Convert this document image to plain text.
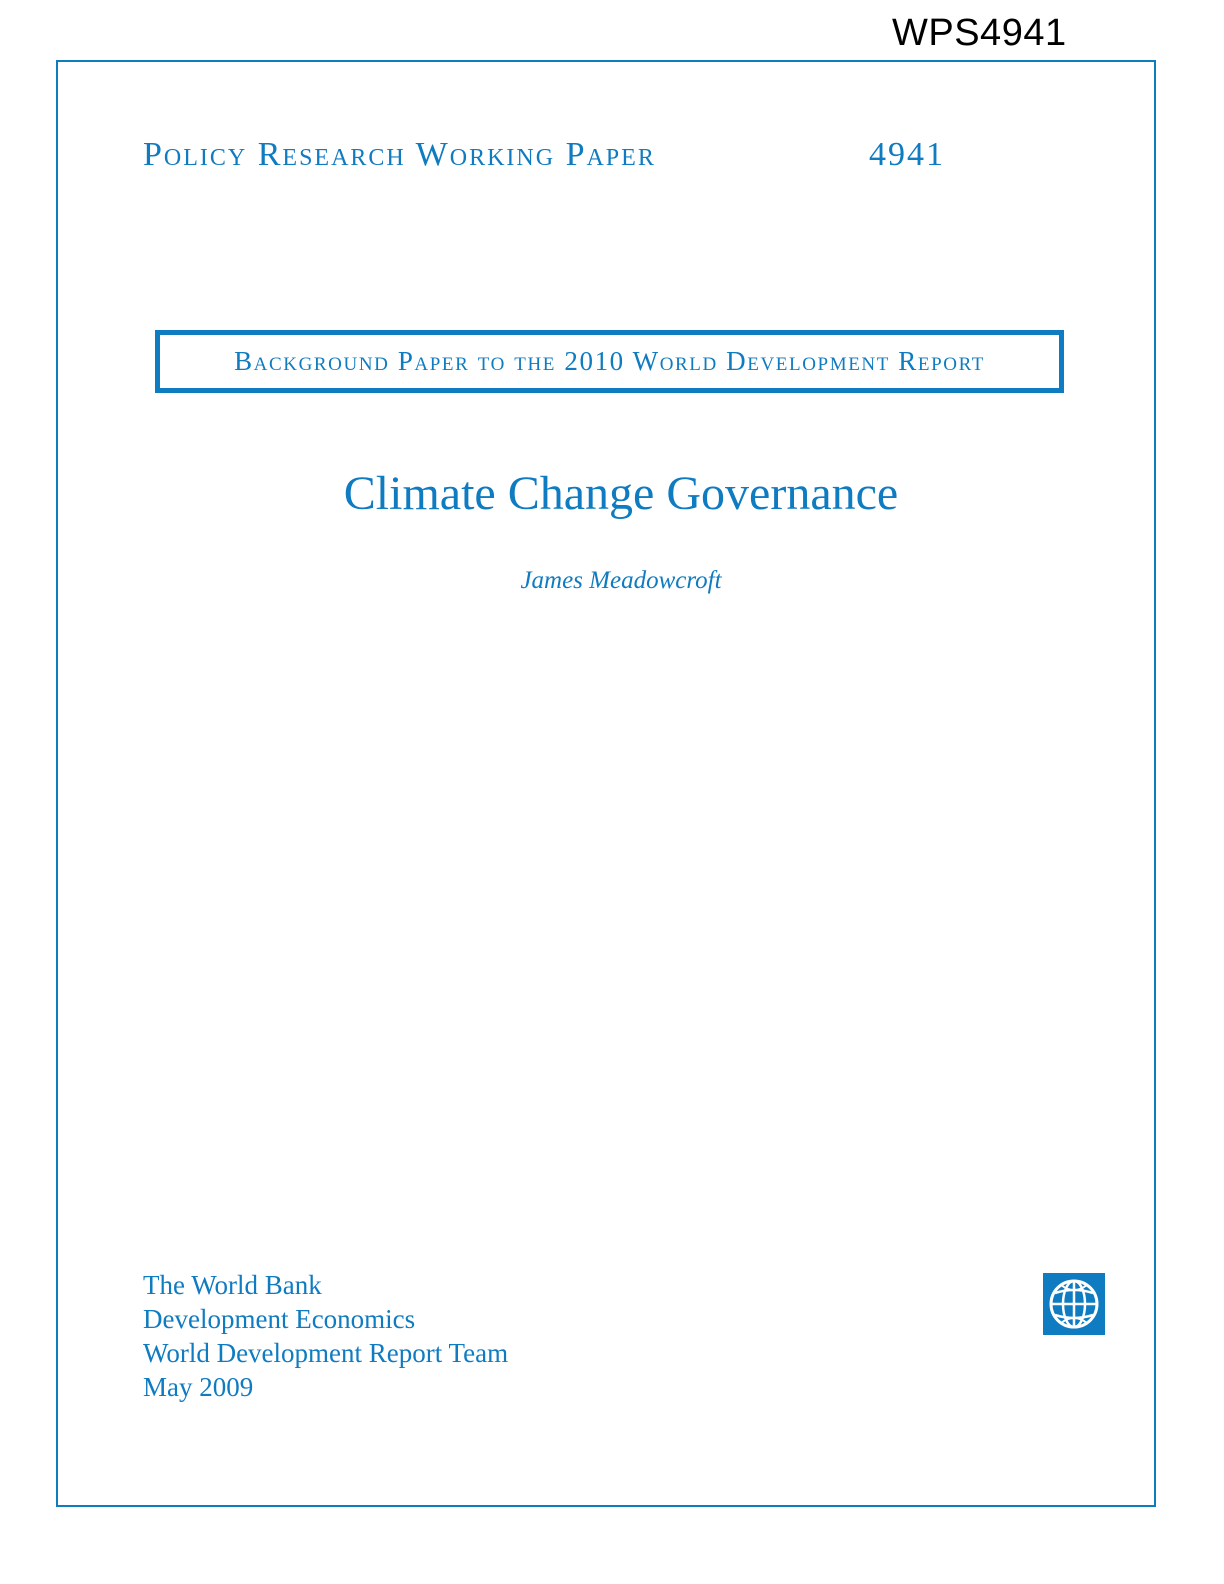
WPS4941
Policy Research Working Paper	4941
Background Paper to the 2010 World Development Report
Climate Change Governance
James Meadowcroft
The World Bank
Development Economics
World Development Report Team
May 2009
